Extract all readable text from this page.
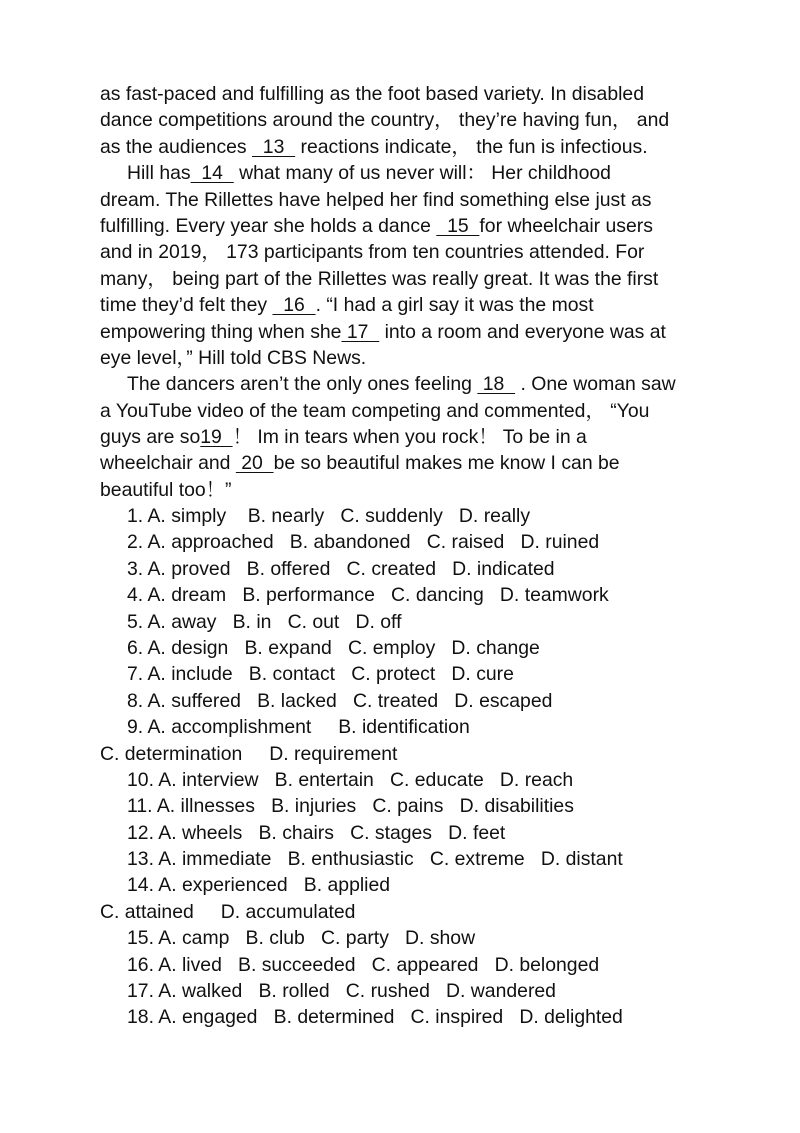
as fast-paced and fulfilling as the foot based variety. In disabled
dance competitions around the country， they’re having fun， and
as the audiences   13   reactions indicate， the fun is infectious.
Hill has  14   what many of us never will： Her childhood
dream. The Rillettes have helped her find something else just as
fulfilling. Every year she holds a dance   15  for wheelchair users
and in 2019， 173 participants from ten countries attended. For
many， being part of the Rillettes was really great. It was the first
time they’d felt they   16  . “I had a girl say it was the most
empowering thing when she 17   into a room and everyone was at
eye level，” Hill told CBS News.
The dancers aren’t the only ones feeling  18   . One woman saw
a YouTube video of the team competing and commented， “You
guys are so19  ！ Im in tears when you rock！ To be in a
wheelchair and  20  be so beautiful makes me know I can be
beautiful too！”
1. A. simply    B. nearly   C. suddenly   D. really
2. A. approached   B. abandoned   C. raised   D. ruined
3. A. proved   B. offered   C. created   D. indicated
4. A. dream   B. performance   C. dancing   D. teamwork
5. A. away   B. in   C. out   D. off
6. A. design   B. expand   C. employ   D. change
7. A. include   B. contact   C. protect   D. cure
8. A. suffered   B. lacked   C. treated   D. escaped
9. A. accomplishment     B. identification
C. determination     D. requirement
10. A. interview   B. entertain   C. educate   D. reach
11. A. illnesses   B. injuries   C. pains   D. disabilities
12. A. wheels   B. chairs   C. stages   D. feet
13. A. immediate   B. enthusiastic   C. extreme   D. distant
14. A. experienced   B. applied
C. attained     D. accumulated
15. A. camp   B. club   C. party   D. show
16. A. lived   B. succeeded   C. appeared   D. belonged
17. A. walked   B. rolled   C. rushed   D. wandered
18. A. engaged   B. determined   C. inspired   D. delighted
